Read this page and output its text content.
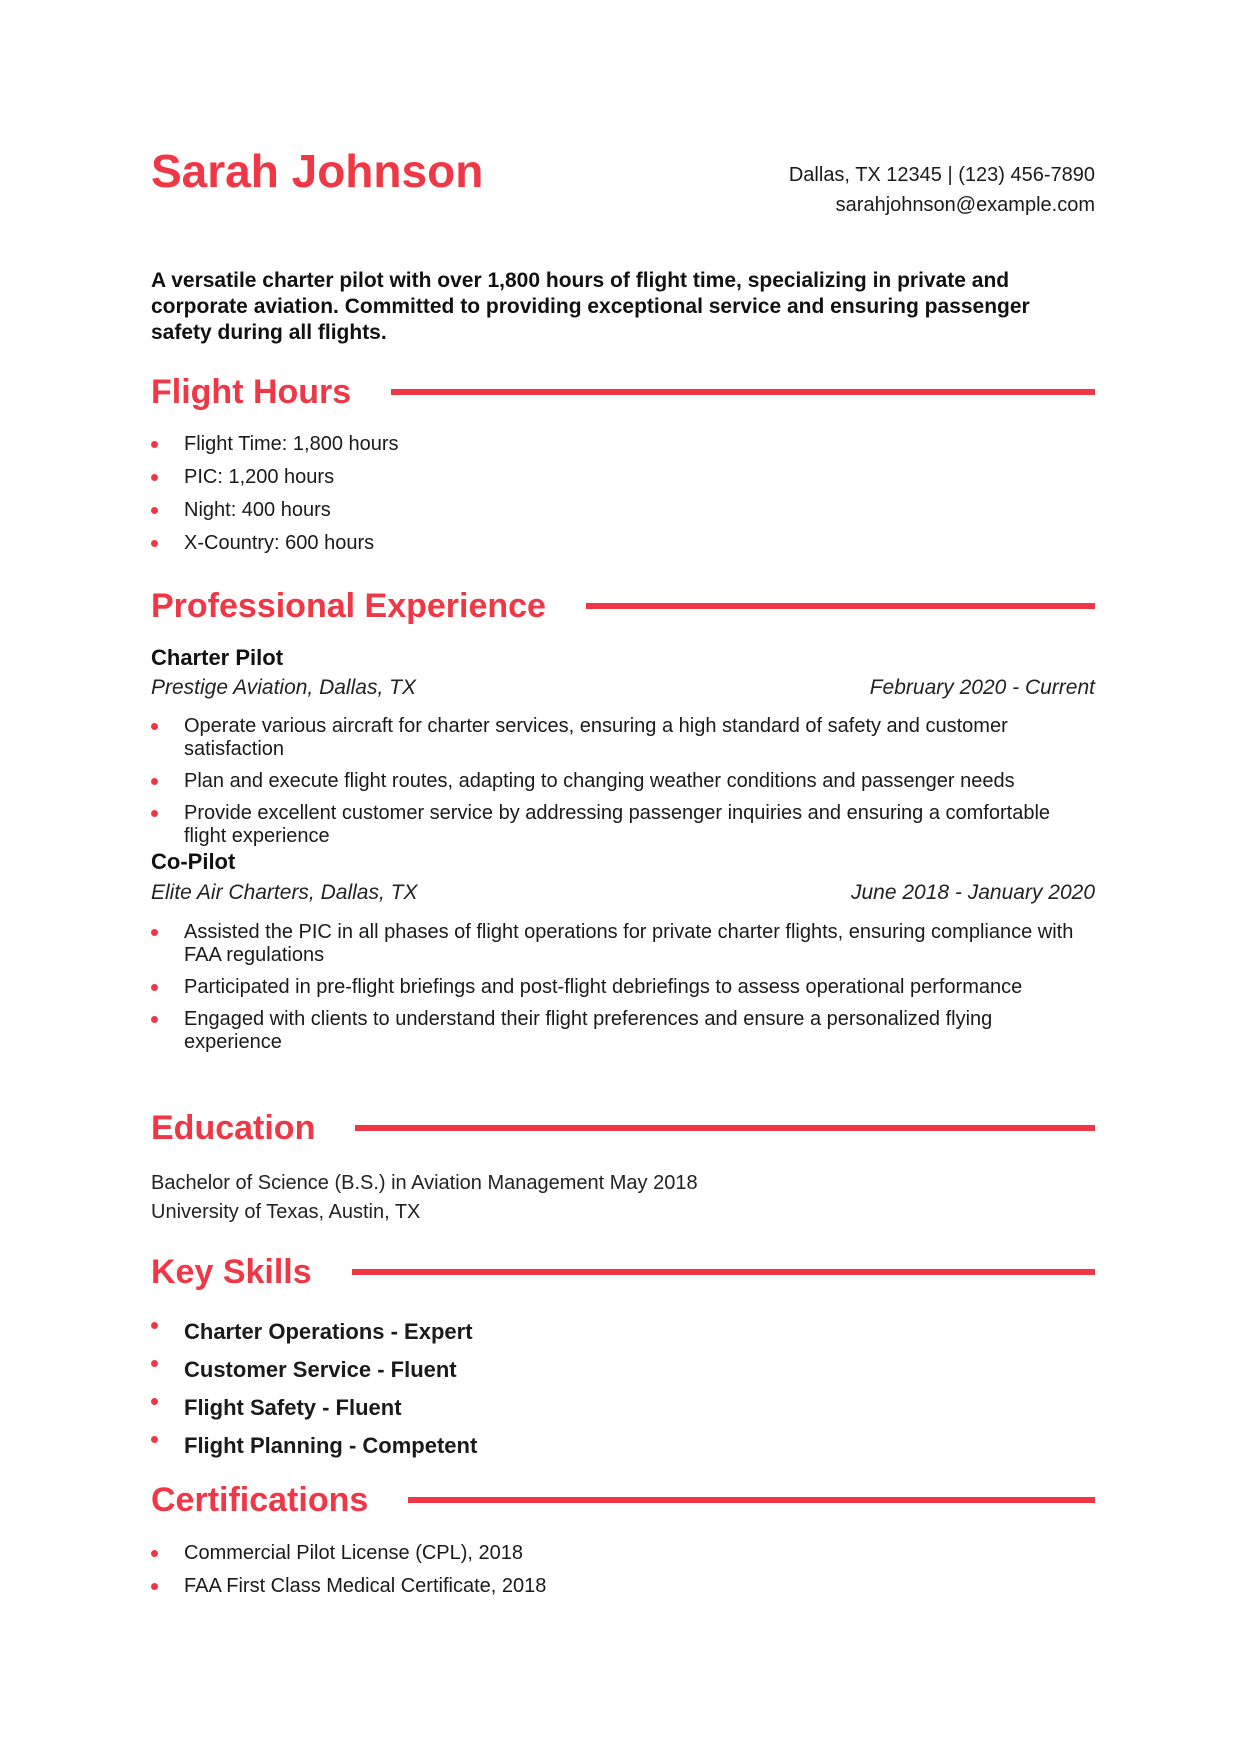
Sarah Johnson	Dallas, TX 12345 | (123) 456-7890
sarahjohnson@example.com
A versatile charter pilot with over 1,800 hours of flight time, specializing in private and corporate aviation. Committed to providing exceptional service and ensuring passenger safety during all flights.
Flight Hours
Flight Time: 1,800 hours
PIC: 1,200 hours
Night: 400 hours
X-Country: 600 hours
Professional Experience
Charter Pilot
Prestige Aviation, Dallas, TX	February 2020 - Current
Operate various aircraft for charter services, ensuring a high standard of safety and customer satisfaction
Plan and execute flight routes, adapting to changing weather conditions and passenger needs
Provide excellent customer service by addressing passenger inquiries and ensuring a comfortable flight experience
Co-Pilot
Elite Air Charters, Dallas, TX	June 2018 - January 2020
Assisted the PIC in all phases of flight operations for private charter flights, ensuring compliance with FAA regulations
Participated in pre-flight briefings and post-flight debriefings to assess operational performance
Engaged with clients to understand their flight preferences and ensure a personalized flying experience
Education
Bachelor of Science (B.S.) in Aviation Management May 2018
University of Texas, Austin, TX
Key Skills
Charter Operations - Expert
Customer Service - Fluent
Flight Safety - Fluent
Flight Planning - Competent
Certifications
Commercial Pilot License (CPL), 2018
FAA First Class Medical Certificate, 2018
